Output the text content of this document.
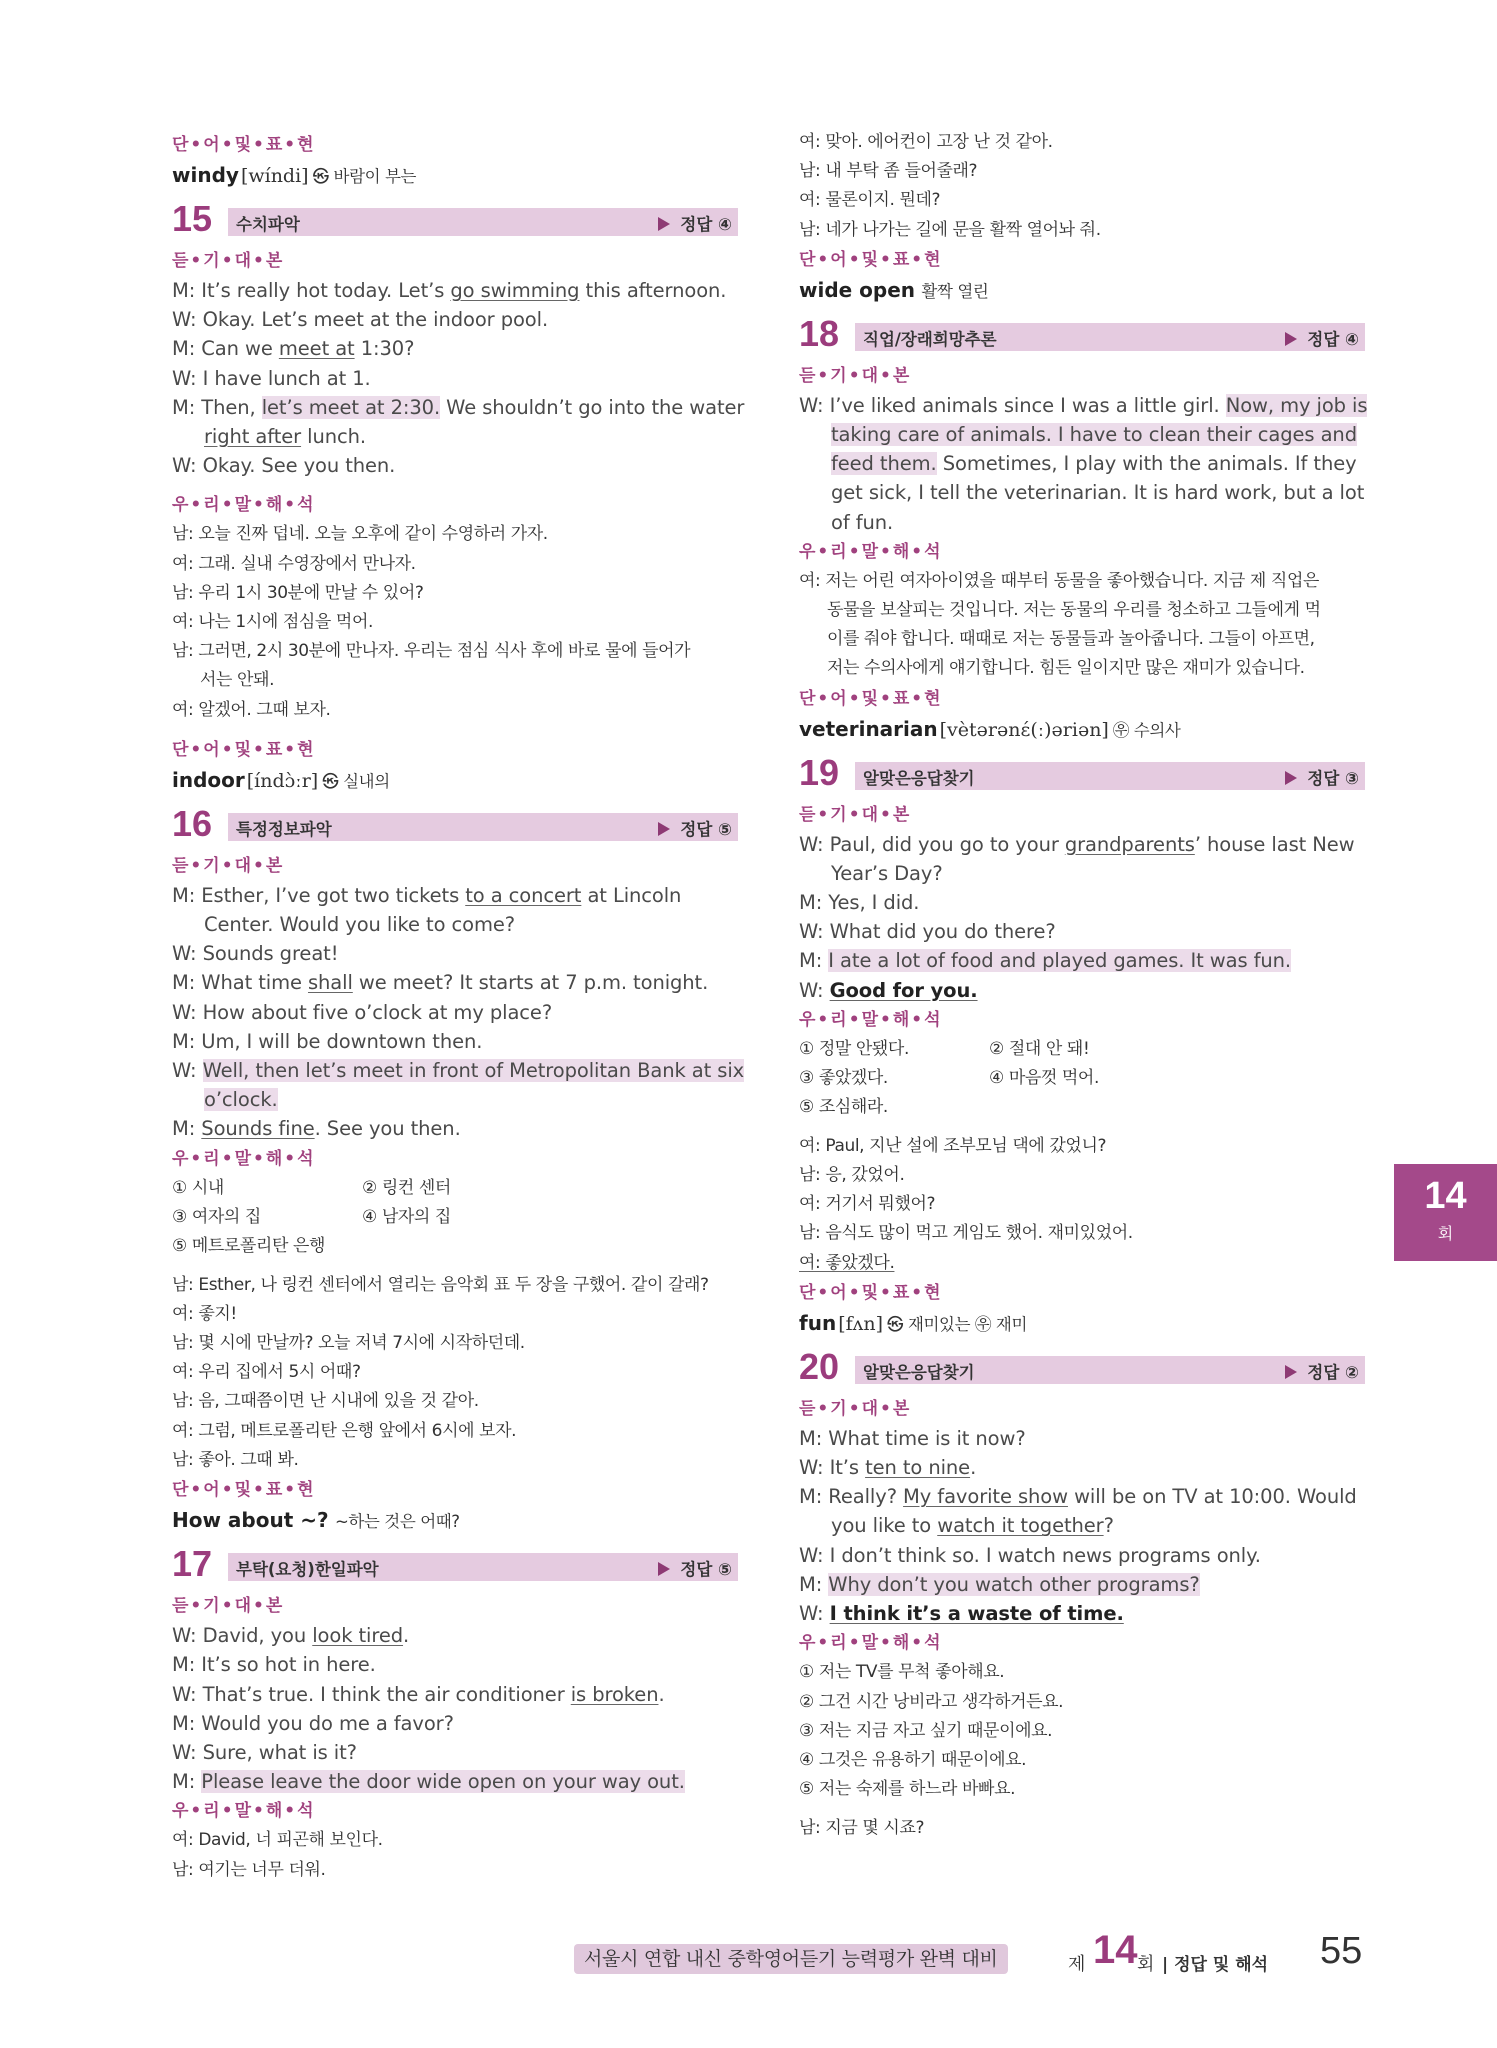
단•어•및•표•현
windy [wíndi] ㉿ 바람이 부는
15 수치파악	정답 ④
듣•기•대•본
M: It’s really hot today. Let’s go swimming this afternoon.
W: Okay. Let’s meet at the indoor pool.
M: Can we meet at 1:30?
W: I have lunch at 1.
M: Then, let’s meet at 2:30. We shouldn’t go into the water
right after lunch.
W: Okay. See you then.
우•리•말•해•석
남: 오늘 진짜 덥네. 오늘 오후에 같이 수영하러 가자.
여: 그래. 실내 수영장에서 만나자.
남: 우리 1시 30분에 만날 수 있어?
여: 나는 1시에 점심을 먹어.
남: 그러면, 2시 30분에 만나자. 우리는 점심 식사 후에 바로 물에 들어가
서는 안돼.
여: 알겠어. 그때 보자.
단•어•및•표•현
indoor [índɔ̀ːr] ㉿ 실내의
16 특정정보파악	정답 ⑤
듣•기•대•본
M: Esther, I’ve got two tickets to a concert at Lincoln
Center. Would you like to come?
W: Sounds great!
M: What time shall we meet? It starts at 7 p.m. tonight.
W: How about five o’clock at my place?
M: Um, I will be downtown then.
W: Well, then let’s meet in front of Metropolitan Bank at six
o’clock.
M: Sounds fine. See you then.
우•리•말•해•석
① 시내	② 링컨 센터
③ 여자의 집	④ 남자의 집
⑤ 메트로폴리탄 은행
남: Esther, 나 링컨 센터에서 열리는 음악회 표 두 장을 구했어. 같이 갈래?
여: 좋지!
남: 몇 시에 만날까? 오늘 저녁 7시에 시작하던데.
여: 우리 집에서 5시 어때?
남: 음, 그때쯤이면 난 시내에 있을 것 같아.
여: 그럼, 메트로폴리탄 은행 앞에서 6시에 보자.
남: 좋아. 그때 봐.
단•어•및•표•현
How about ~? ~하는 것은 어때?
17 부탁(요청)한일파악	정답 ⑤
듣•기•대•본
W: David, you look tired.
M: It’s so hot in here.
W: That’s true. I think the air conditioner is broken.
M: Would you do me a favor?
W: Sure, what is it?
M: Please leave the door wide open on your way out.
우•리•말•해•석
여: David, 너 피곤해 보인다.
남: 여기는 너무 더워.
여: 맞아. 에어컨이 고장 난 것 같아.
남: 내 부탁 좀 들어줄래?
여: 물론이지. 뭔데?
남: 네가 나가는 길에 문을 활짝 열어놔 줘.
단•어•및•표•현
wide open 활짝 열린
18 직업/장래희망추론	정답 ④
듣•기•대•본
W: I’ve liked animals since I was a little girl. Now, my job is
taking care of animals. I have to clean their cages and
feed them. Sometimes, I play with the animals. If they
get sick, I tell the veterinarian. It is hard work, but a lot
of fun.
우•리•말•해•석
여: 저는 어린 여자아이였을 때부터 동물을 좋아했습니다. 지금 제 직업은
동물을 보살피는 것입니다. 저는 동물의 우리를 청소하고 그들에게 먹
이를 줘야 합니다. 때때로 저는 동물들과 놀아줍니다. 그들이 아프면,
저는 수의사에게 얘기합니다. 힘든 일이지만 많은 재미가 있습니다.
단•어•및•표•현
veterinarian [vètərənέ(ː)əriən] ㉾ 수의사
19 알맞은응답찾기	정답 ③
듣•기•대•본
W: Paul, did you go to your grandparents’ house last New
Year’s Day?
M: Yes, I did.
W: What did you do there?
M: I ate a lot of food and played games. It was fun.
W: Good for you.
우•리•말•해•석
① 정말 안됐다.	② 절대 안 돼!
③ 좋았겠다.	④ 마음껏 먹어.
⑤ 조심해라.
여: Paul, 지난 설에 조부모님 댁에 갔었니?
남: 응, 갔었어.
여: 거기서 뭐했어?
남: 음식도 많이 먹고 게임도 했어. 재미있었어.
여: 좋았겠다.
단•어•및•표•현
fun [fʌn] ㉿ 재미있는 ㉾ 재미
20 알맞은응답찾기	정답 ②
듣•기•대•본
M: What time is it now?
W: It’s ten to nine.
M: Really? My favorite show will be on TV at 10:00. Would
you like to watch it together?
W: I don’t think so. I watch news programs only.
M: Why don’t you watch other programs?
W: I think it’s a waste of time.
우•리•말•해•석
① 저는 TV를 무척 좋아해요.
② 그건 시간 낭비라고 생각하거든요.
③ 저는 지금 자고 싶기 때문이에요.
④ 그것은 유용하기 때문이에요.
⑤ 저는 숙제를 하느라 바빠요.
남: 지금 몇 시죠?
14
회
서울시 연합 내신 중학영어듣기 능력평가 완벽 대비	제 14 회 | 정답 및 해석 55
